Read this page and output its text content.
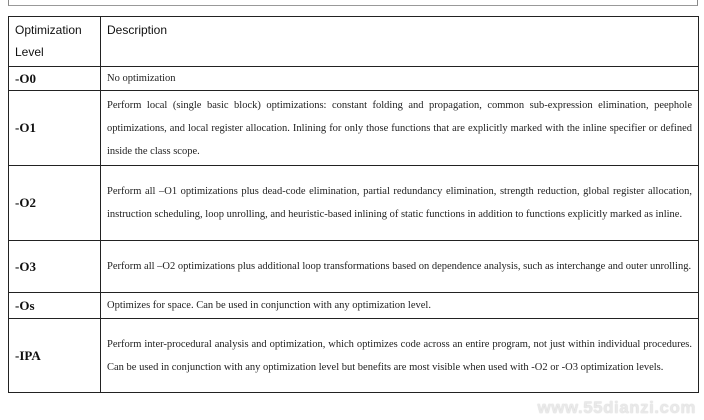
Optimization Level	Description
-O0	No optimization
-O1	Perform local (single basic block) optimizations: constant folding and propagation, common sub-expression elimination, peephole optimizations, and local register allocation. Inlining for only those functions that are explicitly marked with the inline specifier or defined inside the class scope.
-O2	Perform all –O1 optimizations plus dead-code elimination, partial redundancy elimination, strength reduction, global register allocation, instruction scheduling, loop unrolling, and heuristic-based inlining of static functions in addition to functions explicitly marked as inline.
-O3	Perform all –O2 optimizations plus additional loop transformations based on dependence analysis, such as interchange and outer unrolling.
-Os	Optimizes for space. Can be used in conjunction with any optimization level.
-IPA	Perform inter-procedural analysis and optimization, which optimizes code across an entire program, not just within individual procedures. Can be used in conjunction with any optimization level but benefits are most visible when used with -O2 or -O3 optimization levels.
www.55dianzi.com
